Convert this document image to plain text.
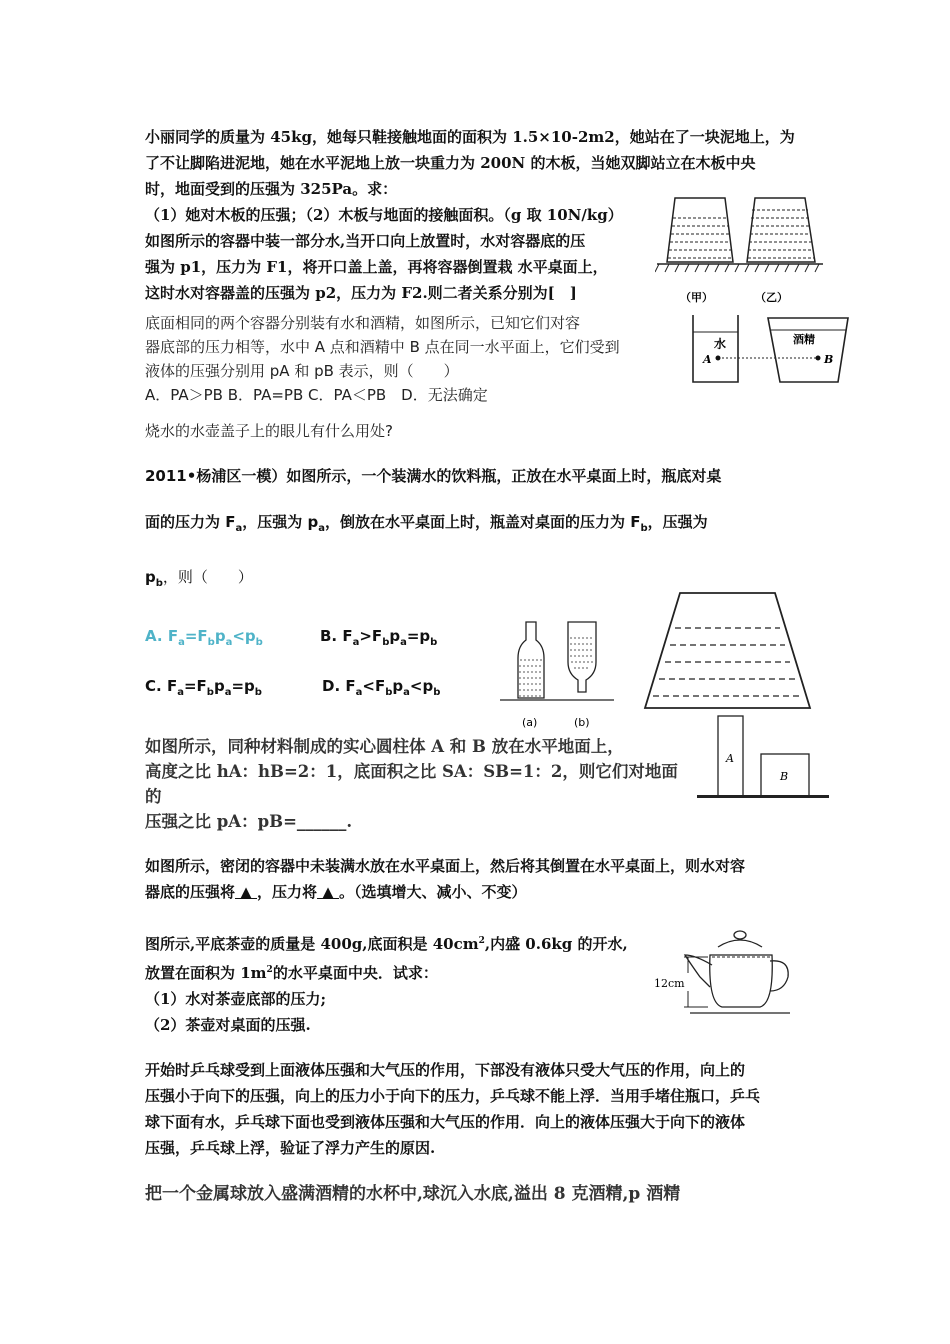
小丽同学的质量为 45kg，她每只鞋接触地面的面积为 1.5×10-2m2，她站在了一块泥地上，为
了不让脚陷进泥地，她在水平泥地上放一块重力为 200N 的木板，当她双脚站立在木板中央
时，地面受到的压强为 325Pa。求：
（1）她对木板的压强；（2）木板与地面的接触面积。（g 取 10N/kg）
如图所示的容器中装一部分水,当开口向上放置时，水对容器底的压
强为 p1，压力为 F1，将开口盖上盖，再将容器倒置栽 水平桌面上，
这时水对容器盖的压强为 p2，压力为 F2.则二者关系分别为[　]	（甲）	（乙）
底面相同的两个容器分别装有水和酒精，如图所示，已知它们对容
器底部的压力相等，水中 A 点和酒精中 B 点在同一水平面上，它们受到
液体的压强分别用 pA 和 pB 表示，则（　　）
A．PA＞PB B．PA=PB C．PA＜PB　D．无法确定
水	酒精
A	B
烧水的水壶盖子上的眼儿有什么用处?
2011•杨浦区一模）如图所示，一个装满水的饮料瓶，正放在水平桌面上时，瓶底对桌
面的压力为 $F_a$，压强为 $p_a$，倒放在水平桌面上时，瓶盖对桌面的压力为 $F_b$，压强为
$p_b$，则（　　）
A. $F_a=F_bp_a<p_b$	B. $F_a>F_bp_a=p_b$
C. $F_a=F_bp_a=p_b$	D. $F_a<F_bp_a<p_b$
(a)	(b)
如图所示，同种材料制成的实心圆柱体 A 和 B 放在水平地面上，
高度之比 hA：hB=2：1，底面积之比 SA：SB=1：2，则它们对地面的
压强之比 pA：pB=______.
A
B
如图所示，密闭的容器中未装满水放在水平桌面上，然后将其倒置在水平桌面上，则水对容
器底的压强将 ▲ ，压力将 ▲ 。（选填增大、减小、不变）
图所示,平底茶壶的质量是 400g,底面积是 $40cm^2$,内盛 0.6kg 的开水,
放置在面积为 $1m^2$的水平桌面中央．试求：
（1）水对茶壶底部的压力;
（2）茶壶对桌面的压强.
12cm
开始时乒乓球受到上面液体压强和大气压的作用，下部没有液体只受大气压的作用，向上的
压强小于向下的压强，向上的压力小于向下的压力，乒乓球不能上浮．当用手堵住瓶口，乒乓
球下面有水，乒乓球下面也受到液体压强和大气压的作用．向上的液体压强大于向下的液体
压强，乒乓球上浮，验证了浮力产生的原因.
把一个金属球放入盛满酒精的水杯中,球沉入水底,溢出 8 克酒精,p 酒精
